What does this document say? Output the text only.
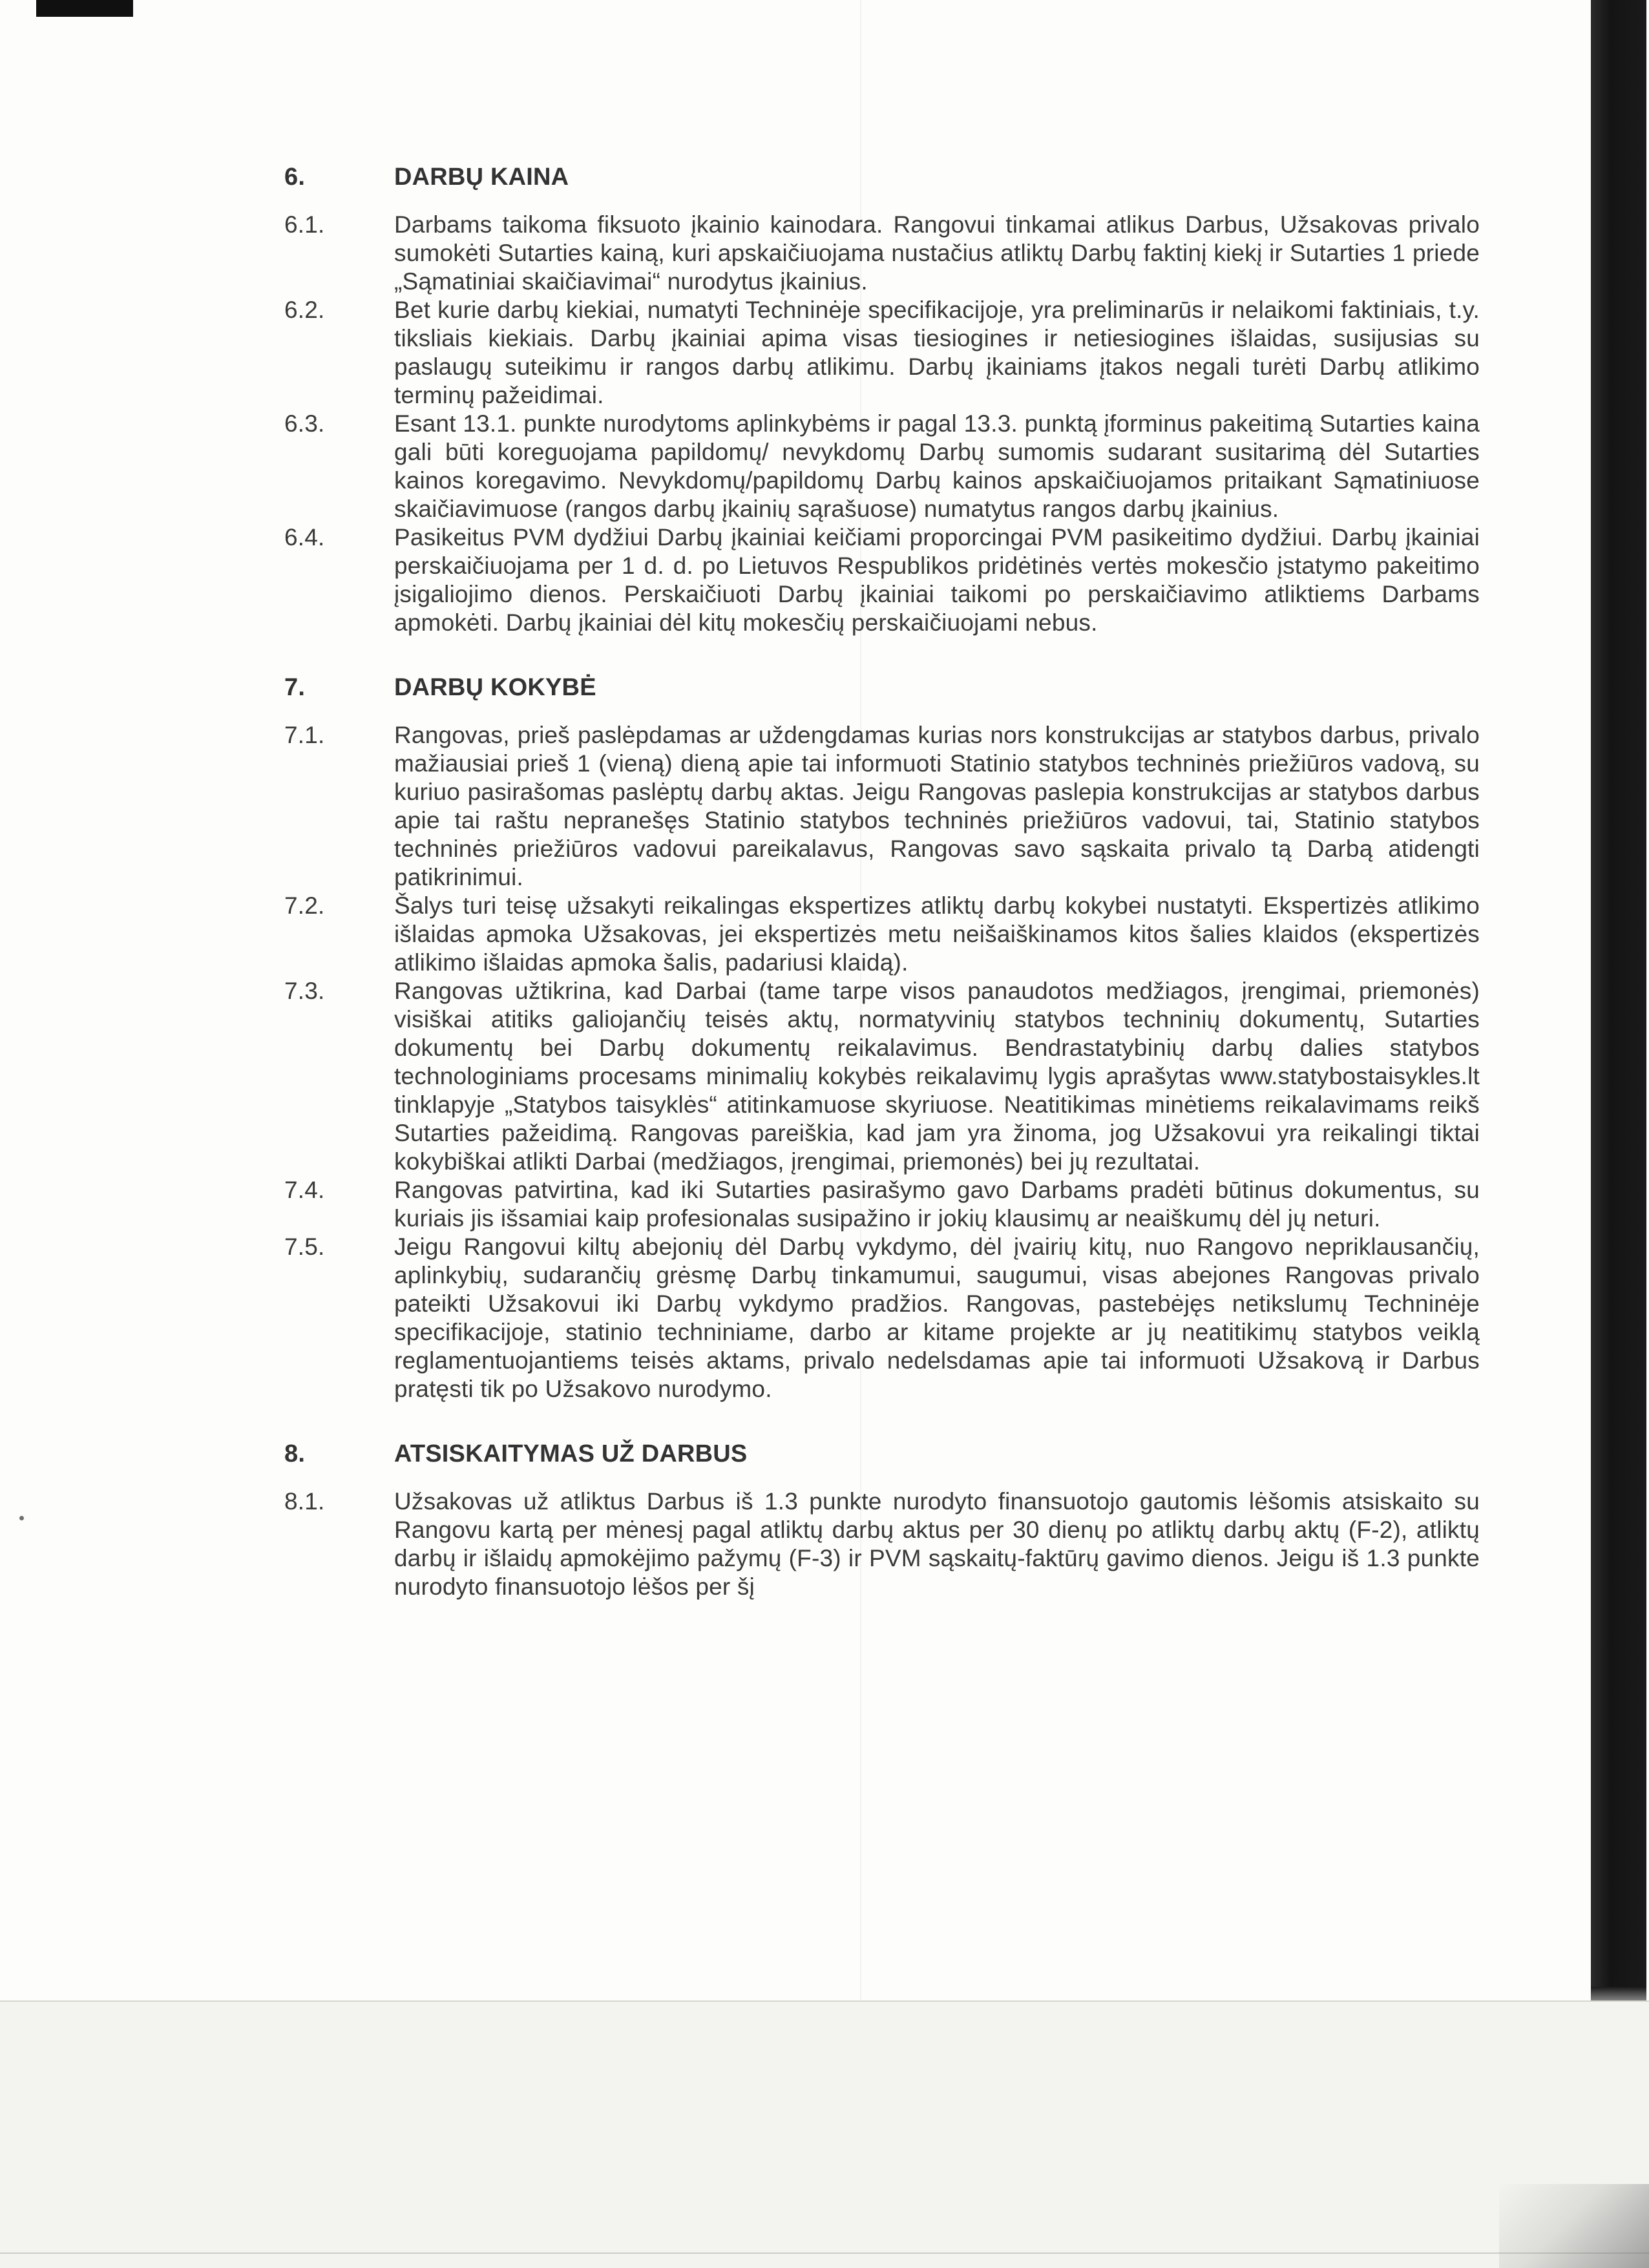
6.	DARBŲ KAINA
6.1.	Darbams taikoma fiksuoto įkainio kainodara. Rangovui tinkamai atlikus Darbus, Užsakovas privalo sumokėti Sutarties kainą, kuri apskaičiuojama nustačius atliktų Darbų faktinį kiekį ir Sutarties 1 priede „Sąmatiniai skaičiavimai“ nurodytus įkainius.

6.2.	Bet kurie darbų kiekiai, numatyti Techninėje specifikacijoje, yra preliminarūs ir nelaikomi faktiniais, t.y. tiksliais kiekiais. Darbų įkainiai apima visas tiesiogines ir netiesiogines išlaidas, susijusias su paslaugų suteikimu ir rangos darbų atlikimu. Darbų įkainiams įtakos negali turėti Darbų atlikimo terminų pažeidimai.

6.3.	Esant 13.1. punkte nurodytoms aplinkybėms ir pagal 13.3. punktą įforminus pakeitimą Sutarties kaina gali būti koreguojama papildomų/ nevykdomų Darbų sumomis sudarant susitarimą dėl Sutarties kainos koregavimo. Nevykdomų/papildomų Darbų kainos apskaičiuojamos pritaikant Sąmatiniuose skaičiavimuose (rangos darbų įkainių sąrašuose) numatytus rangos darbų įkainius.

6.4.	Pasikeitus PVM dydžiui Darbų įkainiai keičiami proporcingai PVM pasikeitimo dydžiui. Darbų įkainiai perskaičiuojama per 1 d. d. po Lietuvos Respublikos pridėtinės vertės mokesčio įstatymo pakeitimo įsigaliojimo dienos. Perskaičiuoti Darbų įkainiai taikomi po perskaičiavimo atliktiems Darbams apmokėti. Darbų įkainiai dėl kitų mokesčių perskaičiuojami nebus.

7.	DARBŲ KOKYBĖ
7.1.	Rangovas, prieš paslėpdamas ar uždengdamas kurias nors konstrukcijas ar statybos darbus, privalo mažiausiai prieš 1 (vieną) dieną apie tai informuoti Statinio statybos techninės priežiūros vadovą, su kuriuo pasirašomas paslėptų darbų aktas. Jeigu Rangovas paslepia konstrukcijas ar statybos darbus apie tai raštu nepranešęs Statinio statybos techninės priežiūros vadovui, tai, Statinio statybos techninės priežiūros vadovui pareikalavus, Rangovas savo sąskaita privalo tą Darbą atidengti patikrinimui.

7.2.	Šalys turi teisę užsakyti reikalingas ekspertizes atliktų darbų kokybei nustatyti. Ekspertizės atlikimo išlaidas apmoka Užsakovas, jei ekspertizės metu neišaiškinamos kitos šalies klaidos (ekspertizės atlikimo išlaidas apmoka šalis, padariusi klaidą).

7.3.	Rangovas užtikrina, kad Darbai (tame tarpe visos panaudotos medžiagos, įrengimai, priemonės) visiškai atitiks galiojančių teisės aktų, normatyvinių statybos techninių dokumentų, Sutarties dokumentų bei Darbų dokumentų reikalavimus. Bendrastatybinių darbų dalies statybos technologiniams procesams minimalių kokybės reikalavimų lygis aprašytas www.statybostaisykles.lt tinklapyje „Statybos taisyklės“ atitinkamuose skyriuose. Neatitikimas minėtiems reikalavimams reikš Sutarties pažeidimą. Rangovas pareiškia, kad jam yra žinoma, jog Užsakovui yra reikalingi tiktai kokybiškai atlikti Darbai (medžiagos, įrengimai, priemonės) bei jų rezultatai.

7.4.	Rangovas patvirtina, kad iki Sutarties pasirašymo gavo Darbams pradėti būtinus dokumentus, su kuriais jis išsamiai kaip profesionalas susipažino ir jokių klausimų ar neaiškumų dėl jų neturi.

7.5.	Jeigu Rangovui kiltų abejonių dėl Darbų vykdymo, dėl įvairių kitų, nuo Rangovo nepriklausančių, aplinkybių, sudarančių grėsmę Darbų tinkamumui, saugumui, visas abejones Rangovas privalo pateikti Užsakovui iki Darbų vykdymo pradžios. Rangovas, pastebėjęs netikslumų Techninėje specifikacijoje, statinio techniniame, darbo ar kitame projekte ar jų neatitikimų statybos veiklą reglamentuojantiems teisės aktams, privalo nedelsdamas apie tai informuoti Užsakovą ir Darbus pratęsti tik po Užsakovo nurodymo.

8.	ATSISKAITYMAS UŽ DARBUS
8.1.	Užsakovas už atliktus Darbus iš 1.3 punkte nurodyto finansuotojo gautomis lėšomis atsiskaito su Rangovu kartą per mėnesį pagal atliktų darbų aktus per 30 dienų po atliktų darbų aktų (F-2), atliktų darbų ir išlaidų apmokėjimo pažymų (F-3) ir PVM sąskaitų-faktūrų gavimo dienos. Jeigu iš 1.3 punkte nurodyto finansuotojo lėšos per šį
